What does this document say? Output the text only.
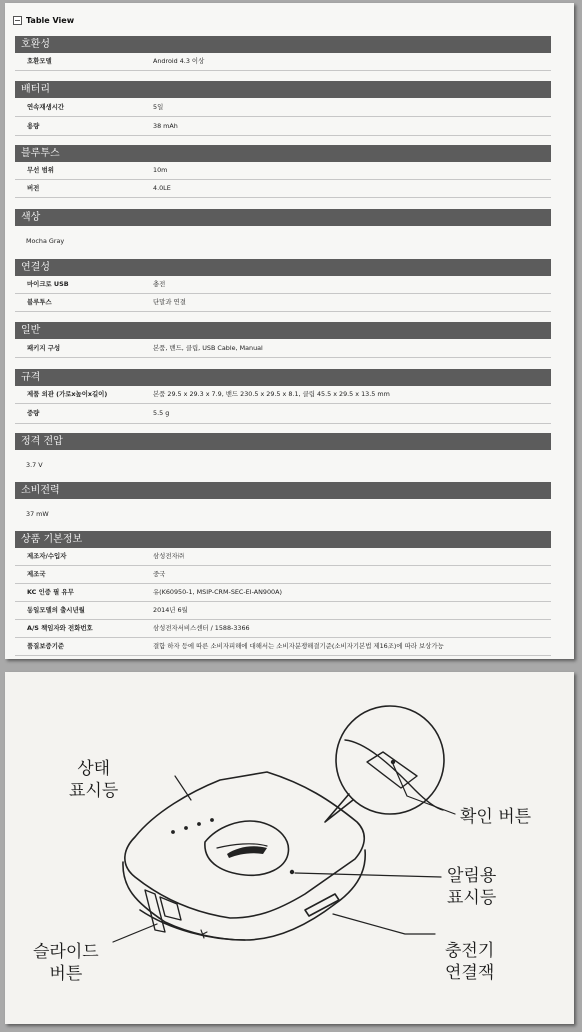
Table View
호환성
호환모델	Android 4.3 이상
배터리
연속재생시간	5일
용량	38 mAh
블루투스
무선 범위	10m
버전	4.0LE
색상
Mocha Gray
연결성
마이크로 USB	충전
블루투스	단말과 연결
일반
패키지 구성	본품, 밴드, 클립, USB Cable, Manual
규격
제품 외관 (가로x높이x길이)	본품 29.5 x 29.3 x 7.9, 밴드 230.5 x 29.5 x 8.1, 클립 45.5 x 29.5 x 13.5 mm
중량	5.5 g
정격 전압
3.7 V
소비전력
37 mW
상품 기본정보
제조자/수입자	삼성전자㈜
제조국	중국
KC 인증 필 유무	유(K60950-1, MSIP-CRM-SEC-EI-AN900A)
동일모델의 출시년월	2014년 6월
A/S 책임자와 전화번호	삼성전자서비스센터 / 1588-3366
품질보증기준	결함 하자 등에 따른 소비자피해에 대해서는 소비자분쟁해결기준(소비자기본법 제16조)에 따라 보상가능
상태
표시등
확인 버튼
알림용
표시등
슬라이드
버튼
충전기
연결잭
